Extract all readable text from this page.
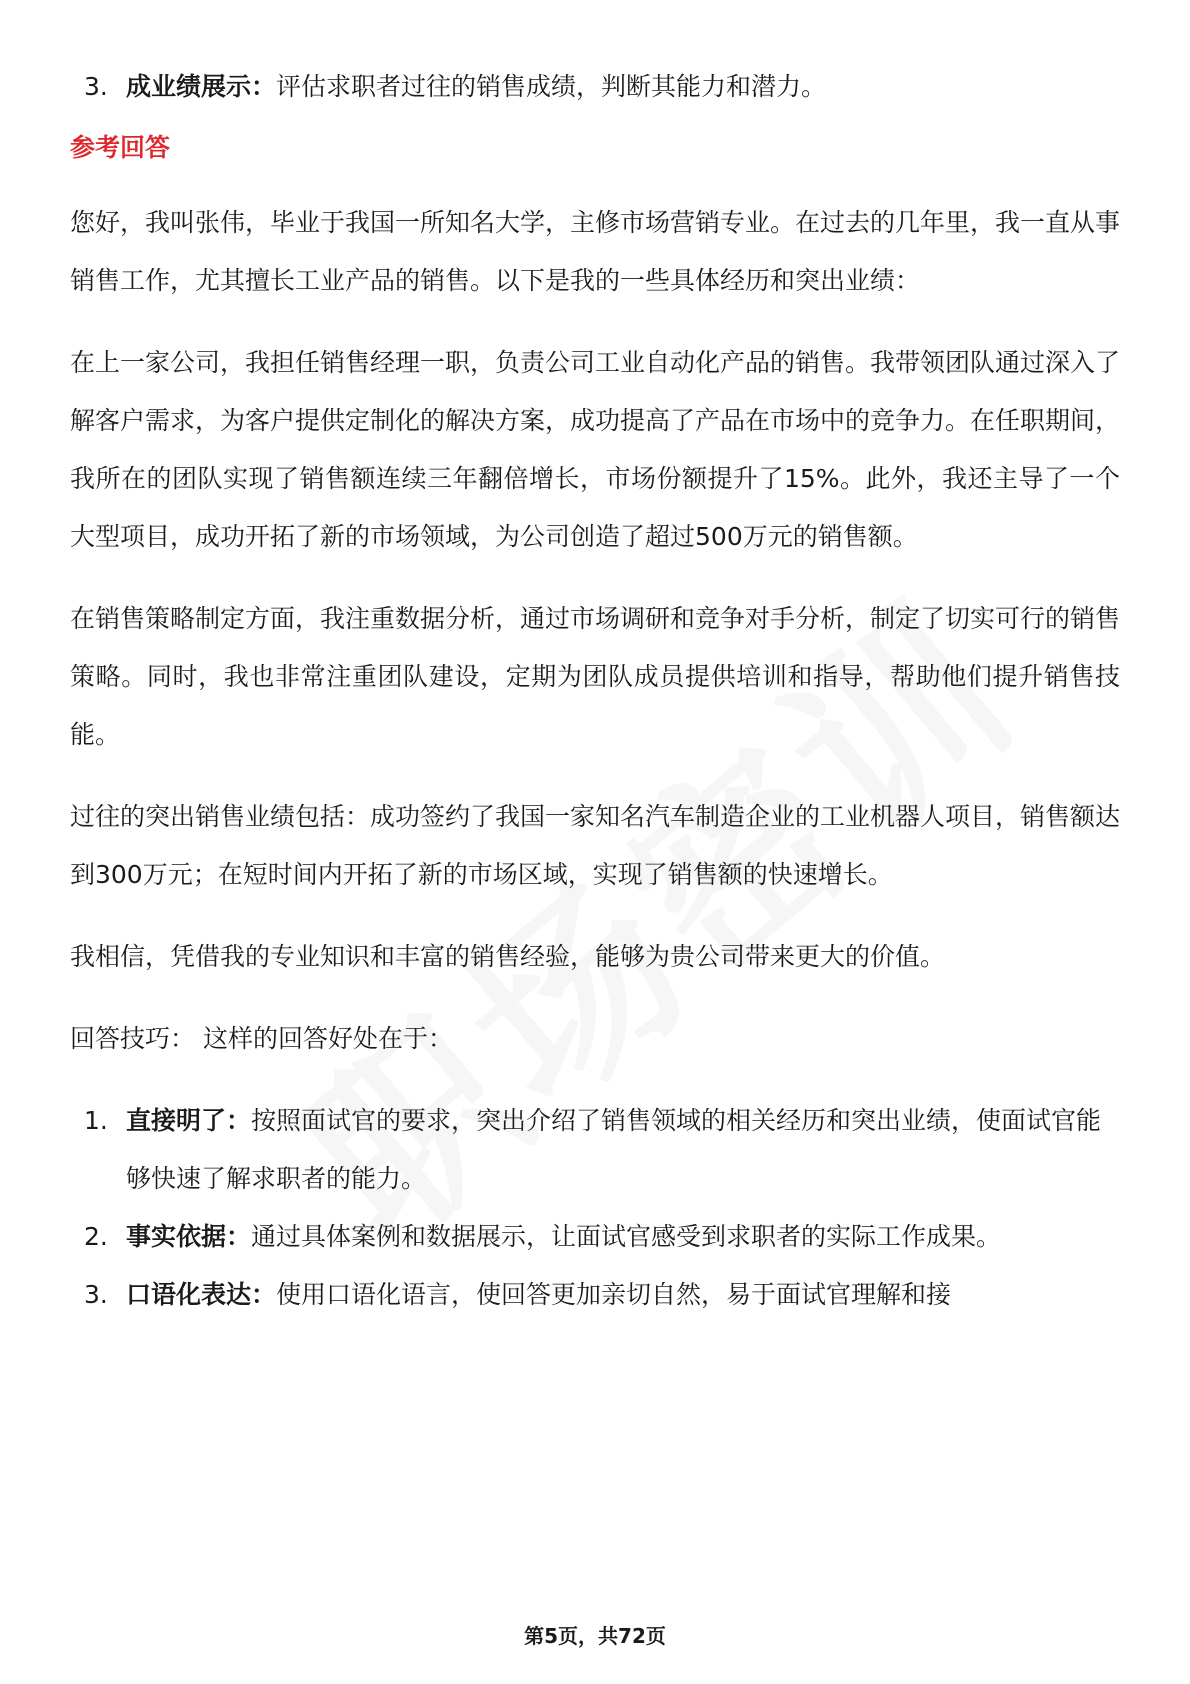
3. 成业绩展示：评估求职者过往的销售成绩，判断其能力和潜力。
参考回答

您好，我叫张伟，毕业于我国一所知名大学，主修市场营销专业。在过去的几年里，我一直从事销售工作，尤其擅长工业产品的销售。以下是我的一些具体经历和突出业绩：

在上一家公司，我担任销售经理一职，负责公司工业自动化产品的销售。我带领团队通过深入了解客户需求，为客户提供定制化的解决方案，成功提高了产品在市场中的竞争力。在任职期间，我所在的团队实现了销售额连续三年翻倍增长，市场份额提升了15%。此外，我还主导了一个大型项目，成功开拓了新的市场领域，为公司创造了超过500万元的销售额。

在销售策略制定方面，我注重数据分析，通过市场调研和竞争对手分析，制定了切实可行的销售策略。同时，我也非常注重团队建设，定期为团队成员提供培训和指导，帮助他们提升销售技能。

过往的突出销售业绩包括：成功签约了我国一家知名汽车制造企业的工业机器人项目，销售额达到300万元；在短时间内开拓了新的市场区域，实现了销售额的快速增长。

我相信，凭借我的专业知识和丰富的销售经验，能够为贵公司带来更大的价值。

回答技巧： 这样的回答好处在于：
1. 直接明了：按照面试官的要求，突出介绍了销售领域的相关经历和突出业绩，使面试官能够快速了解求职者的能力。
2. 事实依据：通过具体案例和数据展示，让面试官感受到求职者的实际工作成果。
3. 口语化表达：使用口语化语言，使回答更加亲切自然，易于面试官理解和接
第5页，共72页
